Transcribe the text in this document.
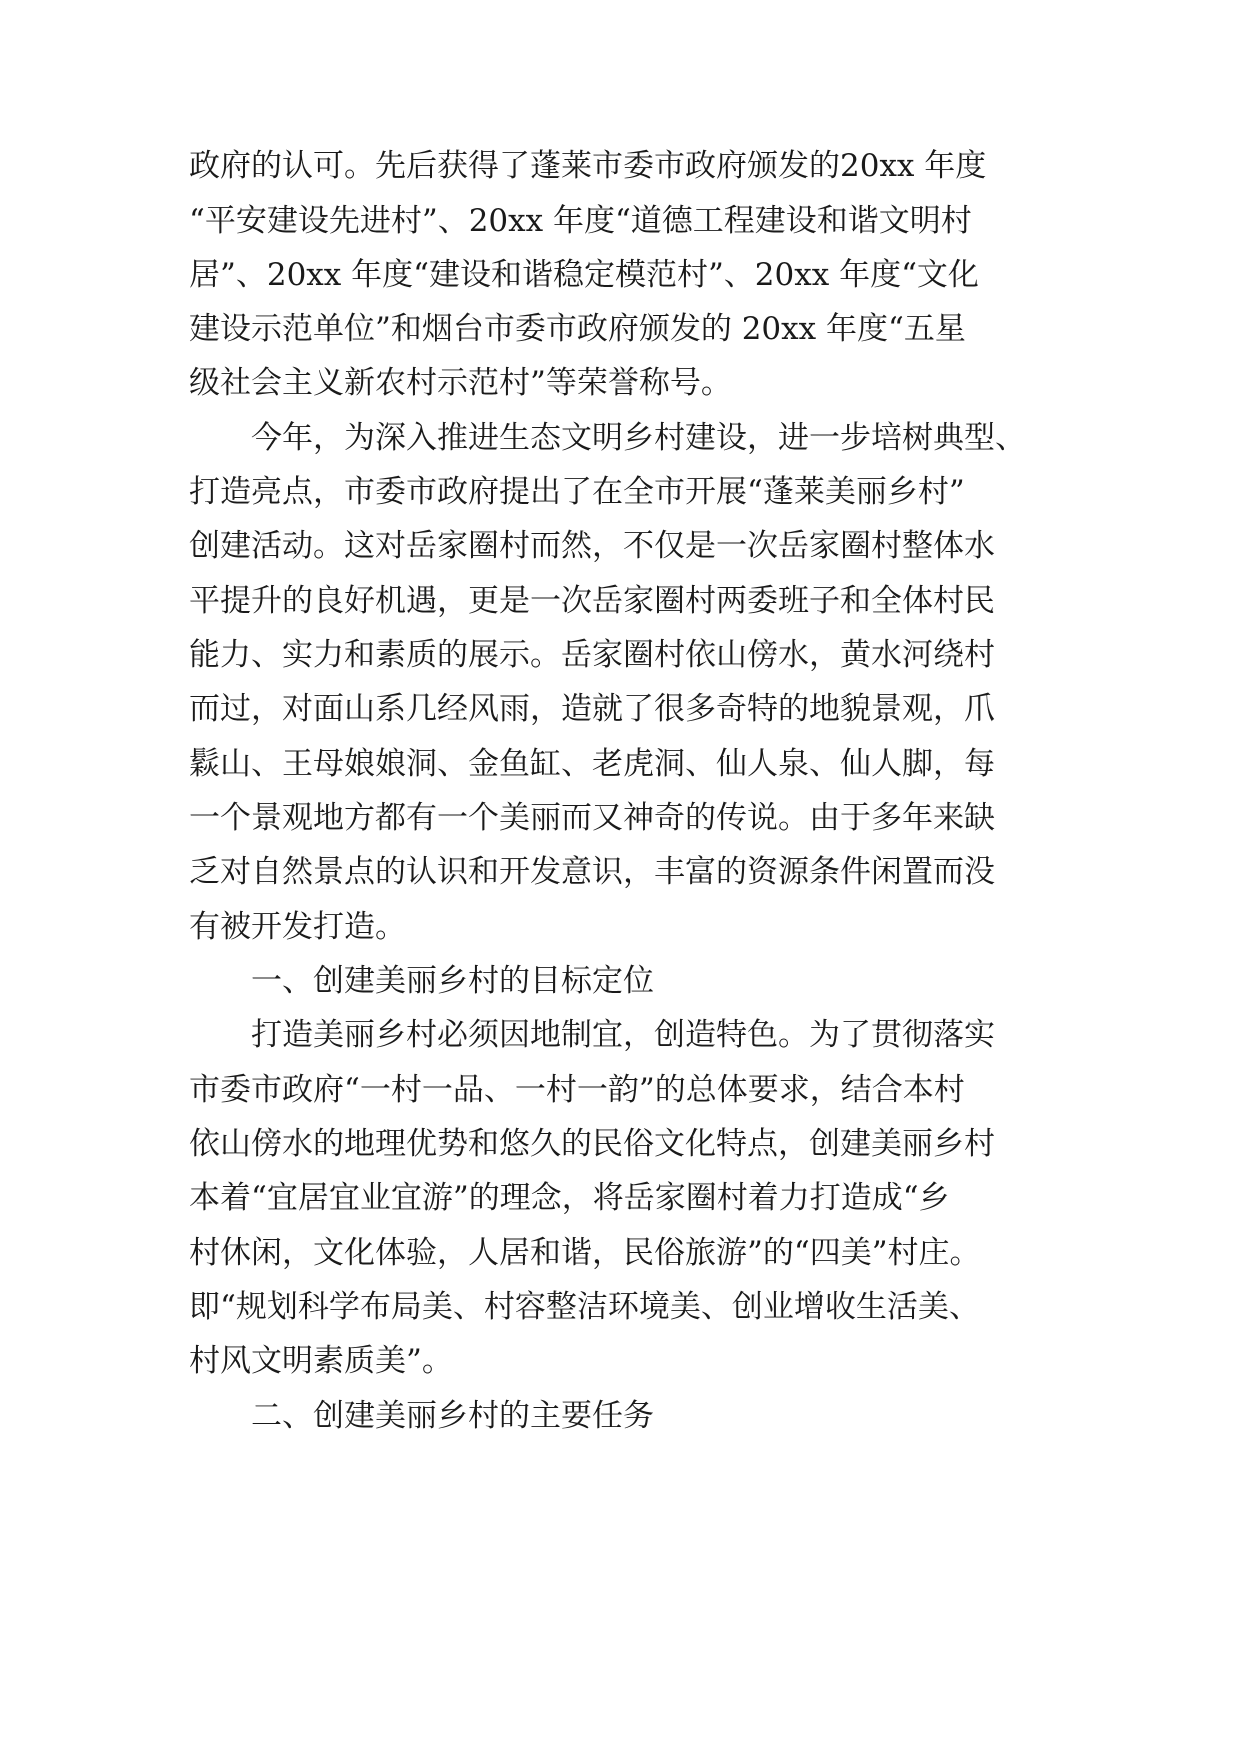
政府的认可。先后获得了蓬莱市委市政府颁发的20xx 年度
“平安建设先进村”、20xx 年度“道德工程建设和谐文明村
居”、20xx 年度“建设和谐稳定模范村”、20xx 年度“文化
建设示范单位”和烟台市委市政府颁发的 20xx 年度“五星
级社会主义新农村示范村”等荣誉称号。
今年，为深入推进生态文明乡村建设，进一步培树典型、
打造亮点，市委市政府提出了在全市开展“蓬莱美丽乡村”
创建活动。这对岳家圈村而然，不仅是一次岳家圈村整体水
平提升的良好机遇，更是一次岳家圈村两委班子和全体村民
能力、实力和素质的展示。岳家圈村依山傍水，黄水河绕村
而过，对面山系几经风雨，造就了很多奇特的地貌景观，爪
鬏山、王母娘娘洞、金鱼缸、老虎洞、仙人泉、仙人脚，每
一个景观地方都有一个美丽而又神奇的传说。由于多年来缺
乏对自然景点的认识和开发意识，丰富的资源条件闲置而没
有被开发打造。
一、创建美丽乡村的目标定位
打造美丽乡村必须因地制宜，创造特色。为了贯彻落实
市委市政府“一村一品、一村一韵”的总体要求，结合本村
依山傍水的地理优势和悠久的民俗文化特点，创建美丽乡村
本着“宜居宜业宜游”的理念，将岳家圈村着力打造成“乡
村休闲，文化体验，人居和谐，民俗旅游”的“四美”村庄。
即“规划科学布局美、村容整洁环境美、创业增收生活美、
村风文明素质美”。
二、创建美丽乡村的主要任务
